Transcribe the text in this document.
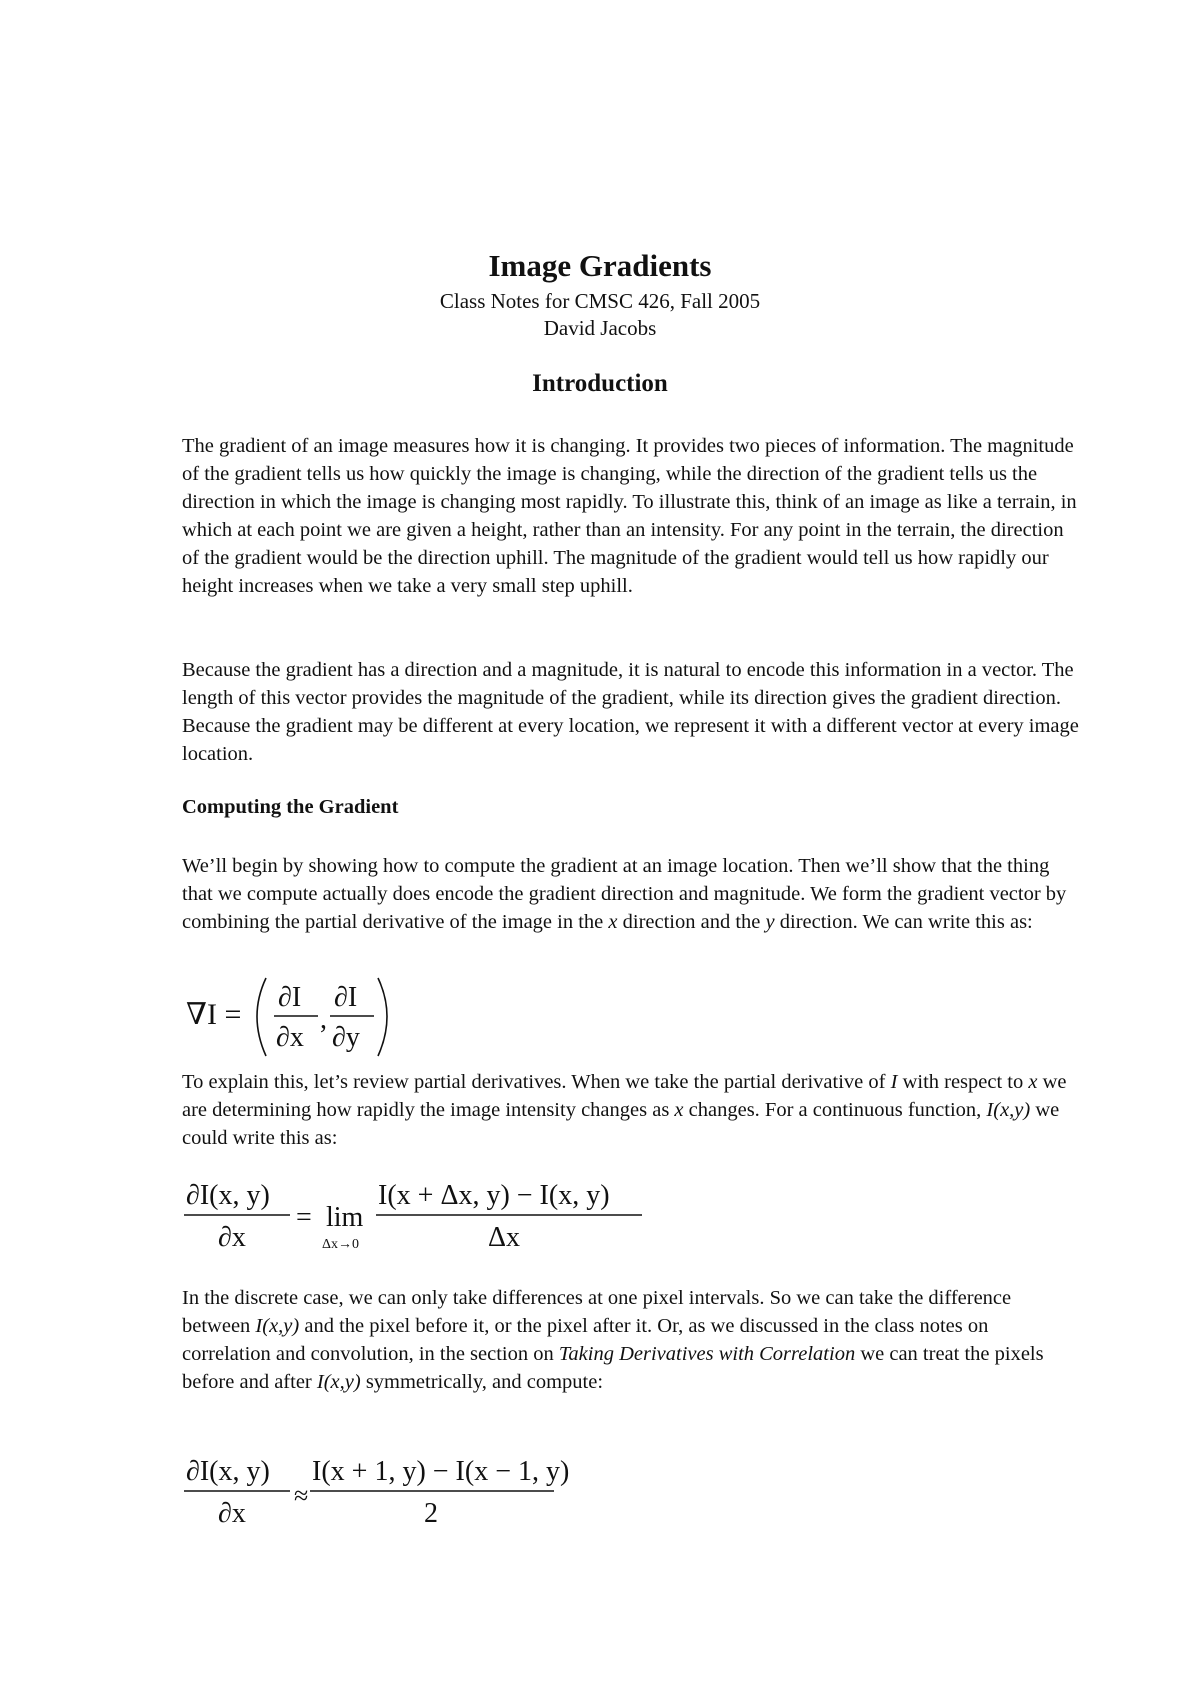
Image Gradients
Class Notes for CMSC 426, Fall 2005
David Jacobs
Introduction

The gradient of an image measures how it is changing. It provides two pieces of information. The magnitude of the gradient tells us how quickly the image is changing, while the direction of the gradient tells us the direction in which the image is changing most rapidly. To illustrate this, think of an image as like a terrain, in which at each point we are given a height, rather than an intensity. For any point in the terrain, the direction of the gradient would be the direction uphill. The magnitude of the gradient would tell us how rapidly our height increases when we take a very small step uphill.

Because the gradient has a direction and a magnitude, it is natural to encode this information in a vector. The length of this vector provides the magnitude of the gradient, while its direction gives the gradient direction. Because the gradient may be different at every location, we represent it with a different vector at every image location.

Computing the Gradient

We’ll begin by showing how to compute the gradient at an image location. Then we’ll show that the thing that we compute actually does encode the gradient direction and magnitude. We form the gradient vector by combining the partial derivative of the image in the x direction and the y direction. We can write this as:

∇I =
∂I
∂x
,
∂I
∂y

To explain this, let’s review partial derivatives. When we take the partial derivative of I with respect to x we are determining how rapidly the image intensity changes as x changes. For a continuous function, I(x,y) we could write this as:

∂I(x, y)
∂x
= lim
Δx→0
I(x + Δx, y) − I(x, y)
Δx

In the discrete case, we can only take differences at one pixel intervals. So we can take the difference between I(x,y) and the pixel before it, or the pixel after it. Or, as we discussed in the class notes on correlation and convolution, in the section on Taking Derivatives with Correlation we can treat the pixels before and after I(x,y) symmetrically, and compute:

∂I(x, y)
∂x
≈
I(x + 1, y) − I(x − 1, y)
2
